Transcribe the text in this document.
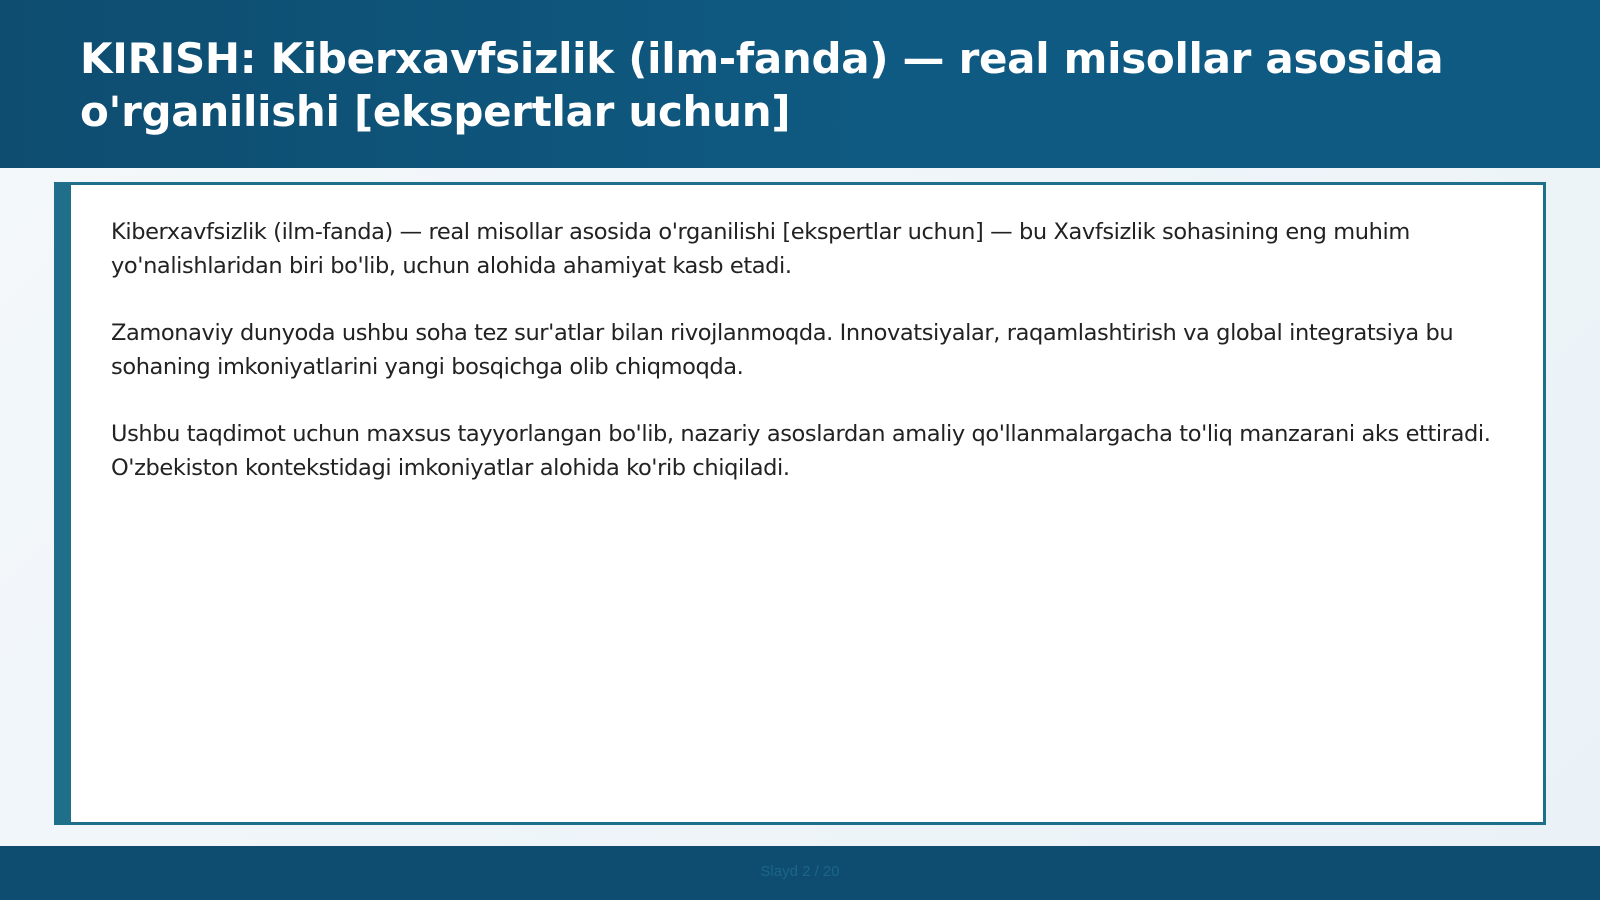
KIRISH: Kiberxavfsizlik (ilm-fanda) — real misollar asosida o'rganilishi [ekspertlar uchun]

Kiberxavfsizlik (ilm-fanda) — real misollar asosida o'rganilishi [ekspertlar uchun] — bu Xavfsizlik sohasining eng muhim yo'nalishlaridan biri bo'lib, uchun alohida ahamiyat kasb etadi.

Zamonaviy dunyoda ushbu soha tez sur'atlar bilan rivojlanmoqda. Innovatsiyalar, raqamlashtirish va global integratsiya bu sohaning imkoniyatlarini yangi bosqichga olib chiqmoqda.

Ushbu taqdimot uchun maxsus tayyorlangan bo'lib, nazariy asoslardan amaliy qo'llanmalargacha to'liq manzarani aks ettiradi. O'zbekiston kontekstidagi imkoniyatlar alohida ko'rib chiqiladi.

Slayd 2 / 20
